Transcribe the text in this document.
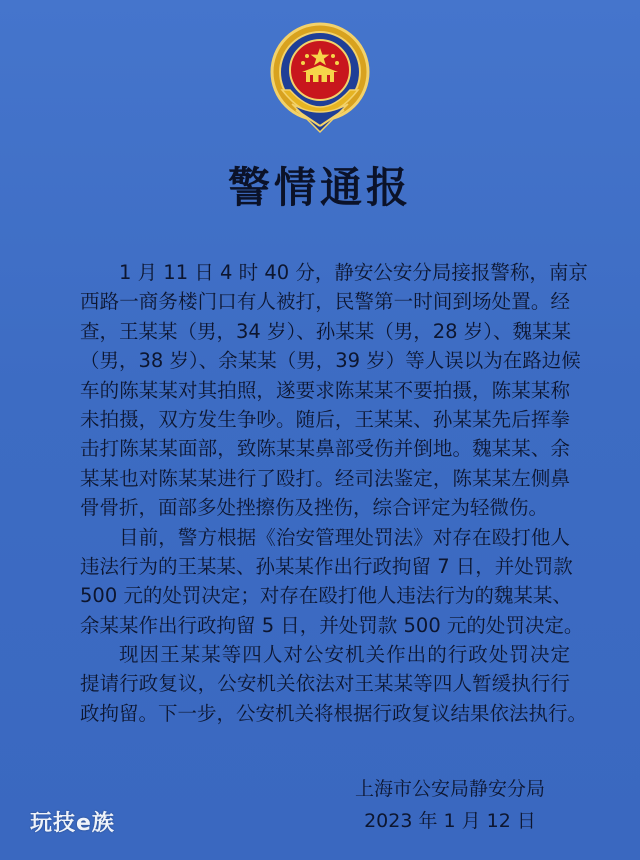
警情通报
1 月 11 日 4 时 40 分，静安公安分局接报警称，南京
西路一商务楼门口有人被打，民警第一时间到场处置。经
查，王某某（男，34 岁）、孙某某（男，28 岁）、魏某某
（男，38 岁）、余某某（男，39 岁）等人误以为在路边候
车的陈某某对其拍照，遂要求陈某某不要拍摄，陈某某称
未拍摄，双方发生争吵。随后，王某某、孙某某先后挥拳
击打陈某某面部，致陈某某鼻部受伤并倒地。魏某某、余
某某也对陈某某进行了殴打。经司法鉴定，陈某某左侧鼻
骨骨折，面部多处挫擦伤及挫伤，综合评定为轻微伤。
目前，警方根据《治安管理处罚法》对存在殴打他人
违法行为的王某某、孙某某作出行政拘留 7 日，并处罚款
500 元的处罚决定；对存在殴打他人违法行为的魏某某、
余某某作出行政拘留 5 日，并处罚款 500 元的处罚决定。
现因王某某等四人对公安机关作出的行政处罚决定
提请行政复议，公安机关依法对王某某等四人暂缓执行行
政拘留。下一步，公安机关将根据行政复议结果依法执行。
上海市公安局静安分局
2023 年 1 月 12 日
玩技e族
